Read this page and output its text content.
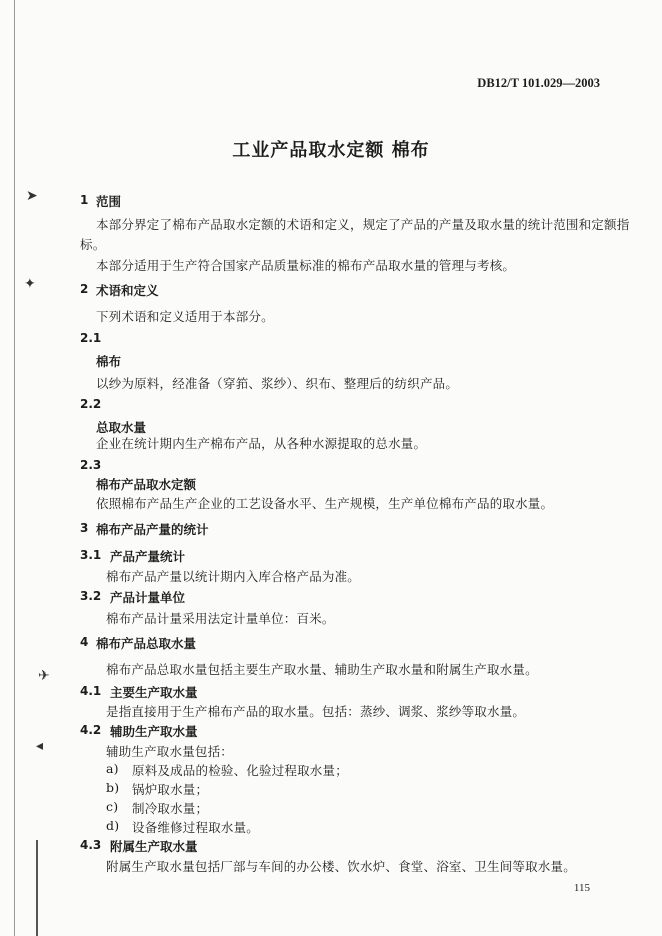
➤
✦
✈
◂
DB12/T 101.029—2003
工业产品取水定额 棉布
1 范围
本部分界定了棉布产品取水定额的术语和定义，规定了产品的产量及取水量的统计范围和定额指
标。
本部分适用于生产符合国家产品质量标准的棉布产品取水量的管理与考核。
2 术语和定义
下列术语和定义适用于本部分。
2.1
棉布
以纱为原料，经准备（穿筘、浆纱）、织布、整理后的纺织产品。
2.2
总取水量
企业在统计期内生产棉布产品，从各种水源提取的总水量。
2.3
棉布产品取水定额
依照棉布产品生产企业的工艺设备水平、生产规模，生产单位棉布产品的取水量。
3 棉布产品产量的统计
3.1 产品产量统计
棉布产品产量以统计期内入库合格产品为准。
3.2 产品计量单位
棉布产品计量采用法定计量单位：百米。
4 棉布产品总取水量
棉布产品总取水量包括主要生产取水量、辅助生产取水量和附属生产取水量。
4.1 主要生产取水量
是指直接用于生产棉布产品的取水量。包括：蒸纱、调浆、浆纱等取水量。
4.2 辅助生产取水量
辅助生产取水量包括：
a) 原料及成品的检验、化验过程取水量；
b) 锅炉取水量；
c) 制冷取水量；
d) 设备维修过程取水量。
4.3 附属生产取水量
附属生产取水量包括厂部与车间的办公楼、饮水炉、食堂、浴室、卫生间等取水量。
115
